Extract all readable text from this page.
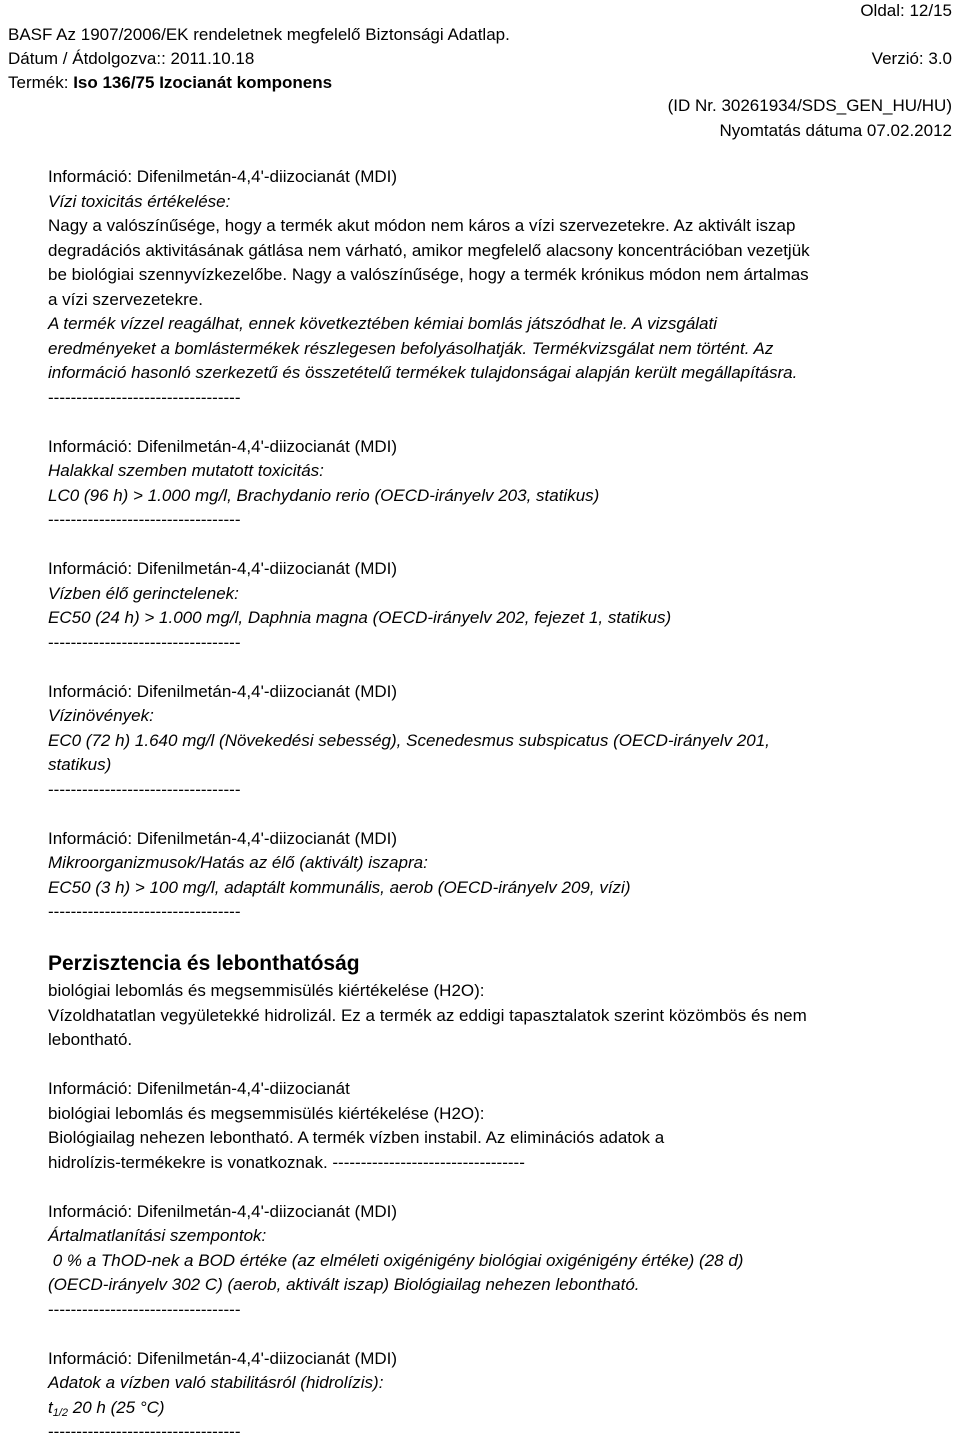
Oldal: 12/15
BASF Az 1907/2006/EK rendeletnek megfelelő Biztonsági Adatlap.
Dátum / Átdolgozva:: 2011.10.18	Verzió: 3.0
Termék: Iso 136/75 Izocianát komponens
(ID Nr. 30261934/SDS_GEN_HU/HU)
Nyomtatás dátuma 07.02.2012

Információ: Difenilmetán-4,4'-diizocianát (MDI)

Vízi toxicitás értékelése:

Nagy a valószínűsége, hogy a termék akut módon nem káros a vízi szervezetekre. Az aktivált iszap

degradációs aktivitásának gátlása nem várható, amikor megfelelő alacsony koncentrációban vezetjük

be biológiai szennyvízkezelőbe. Nagy a valószínűsége, hogy a termék krónikus módon nem ártalmas

a vízi szervezetekre.

A termék vízzel reagálhat, ennek következtében kémiai bomlás játszódhat le. A vizsgálati

eredményeket a bomlástermékek részlegesen befolyásolhatják. Termékvizsgálat nem történt. Az

információ hasonló szerkezetű és összetételű termékek tulajdonságai alapján került megállapításra.

----------------------------------

Információ: Difenilmetán-4,4'-diizocianát (MDI)

Halakkal szemben mutatott toxicitás:

LC0 (96 h) > 1.000 mg/l, Brachydanio rerio (OECD-irányelv 203, statikus)

----------------------------------

Információ: Difenilmetán-4,4'-diizocianát (MDI)

Vízben élő gerinctelenek:

EC50 (24 h) > 1.000 mg/l, Daphnia magna (OECD-irányelv 202, fejezet 1, statikus)

----------------------------------

Információ: Difenilmetán-4,4'-diizocianát (MDI)

Vízinövények:

EC0 (72 h) 1.640 mg/l (Növekedési sebesség), Scenedesmus subspicatus (OECD-irányelv 201,

statikus)

----------------------------------

Információ: Difenilmetán-4,4'-diizocianát (MDI)

Mikroorganizmusok/Hatás az élő (aktivált) iszapra:

EC50 (3 h) > 100 mg/l, adaptált kommunális, aerob (OECD-irányelv 209, vízi)

----------------------------------

Perzisztencia és lebonthatóság

biológiai lebomlás és megsemmisülés kiértékelése (H2O):

Vízoldhatatlan vegyületekké hidrolizál. Ez a termék az eddigi tapasztalatok szerint közömbös és nem

lebontható.

Információ: Difenilmetán-4,4'-diizocianát

biológiai lebomlás és megsemmisülés kiértékelése (H2O):

Biológiailag nehezen lebontható. A termék vízben instabil. Az eliminációs adatok a

hidrolízis-termékekre is vonatkoznak. ----------------------------------

Információ: Difenilmetán-4,4'-diizocianát (MDI)

Ártalmatlanítási szempontok:

0 % a ThOD-nek a BOD értéke (az elméleti oxigénigény biológiai oxigénigény értéke) (28 d)

(OECD-irányelv 302 C) (aerob, aktivált iszap) Biológiailag nehezen lebontható.

----------------------------------

Információ: Difenilmetán-4,4'-diizocianát (MDI)

Adatok a vízben való stabilitásról (hidrolízis):

$t_{1/2}$ 20 h (25 °C)

----------------------------------
